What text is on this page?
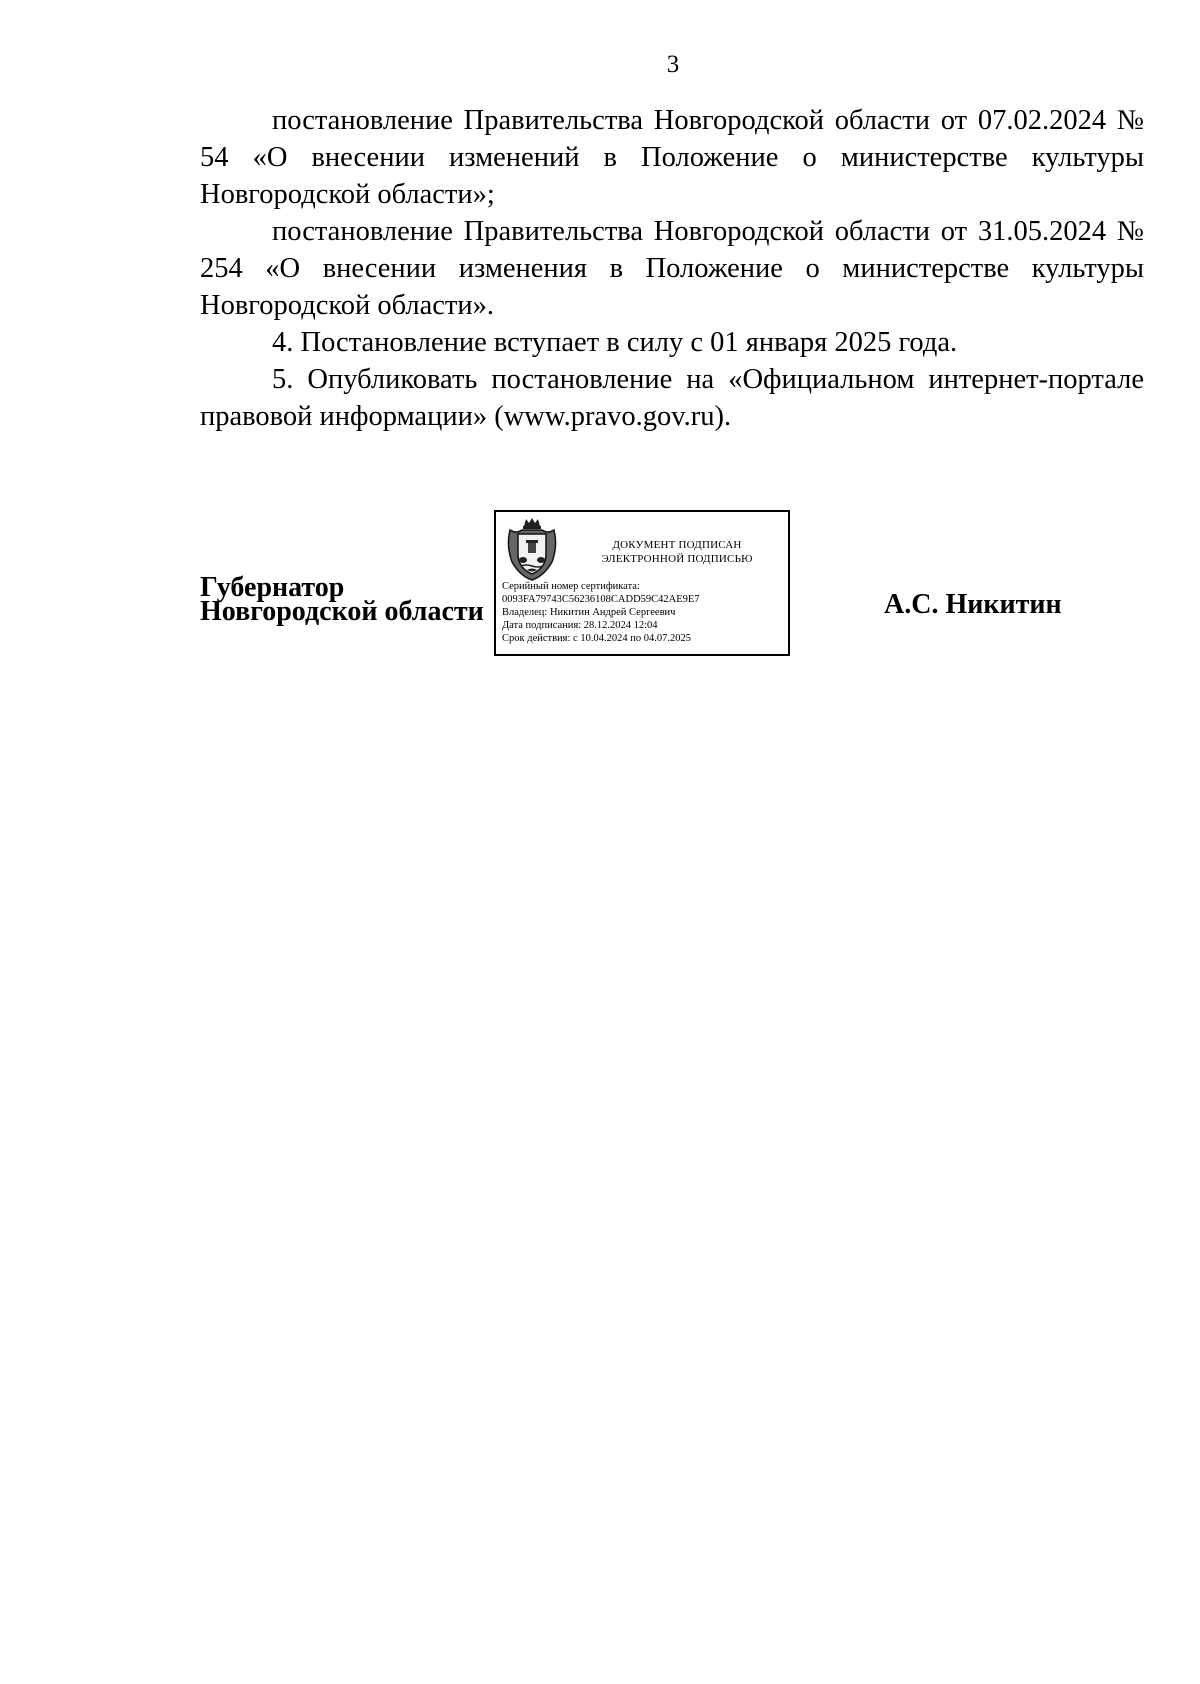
3

постановление Правительства Новгородской области от 07.02.2024 № 54 «О внесении изменений в Положение о министерстве культуры Новгородской области»;

постановление Правительства Новгородской области от 31.05.2024 № 254 «О внесении изменения в Положение о министерстве культуры Новгородской области».

4. Постановление вступает в силу с 01 января 2025 года.

5. Опубликовать постановление на «Официальном интернет-портале правовой информации» (www.pravo.gov.ru).

Губернатор
Новгородской области
ДОКУМЕНТ ПОДПИСАН
ЭЛЕКТРОННОЙ ПОДПИСЬЮ
Серийный номер сертификата:
0093FA79743C56236108CADD59C42AE9E7
Владелец: Никитин Андрей Сергеевич
Дата подписания: 28.12.2024 12:04
Срок действия: с 10.04.2024 по 04.07.2025
А.С. Никитин
